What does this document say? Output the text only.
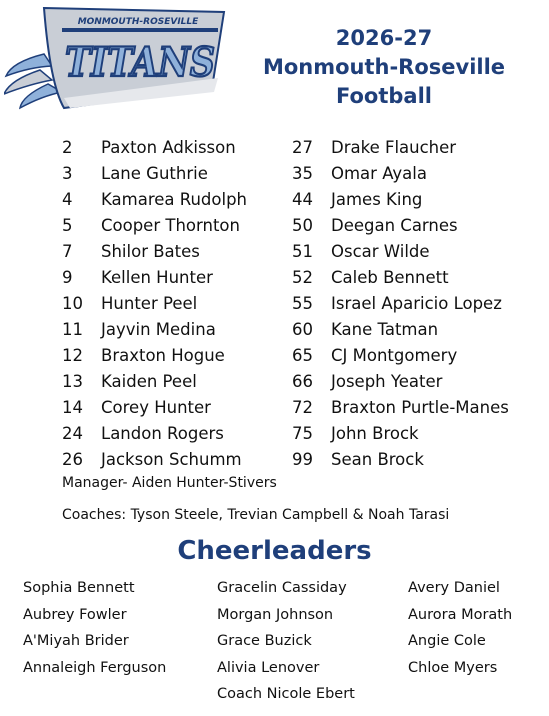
MONMOUTH-ROSEVILLE
TITANS
2026-27
Monmouth-Roseville
Football
2 Paxton Adkisson	27 Drake Flaucher
3 Lane Guthrie	35 Omar Ayala
4 Kamarea Rudolph	44 James King
5 Cooper Thornton	50 Deegan Carnes
7 Shilor Bates	51 Oscar Wilde
9 Kellen Hunter	52 Caleb Bennett
10 Hunter Peel	55 Israel Aparicio Lopez
11 Jayvin Medina	60 Kane Tatman
12 Braxton Hogue	65 CJ Montgomery
13 Kaiden Peel	66 Joseph Yeater
14 Corey Hunter	72 Braxton Purtle-Manes
24 Landon Rogers	75 John Brock
26 Jackson Schumm	99 Sean Brock
Manager- Aiden Hunter-Stivers
Coaches: Tyson Steele, Trevian Campbell & Noah Tarasi
Cheerleaders
Sophia Bennett
Aubrey Fowler
A'Miyah Brider
Annaleigh Ferguson
Gracelin Cassiday
Morgan Johnson
Grace Buzick
Alivia Lenover
Coach Nicole Ebert
Avery Daniel
Aurora Morath
Angie Cole
Chloe Myers
